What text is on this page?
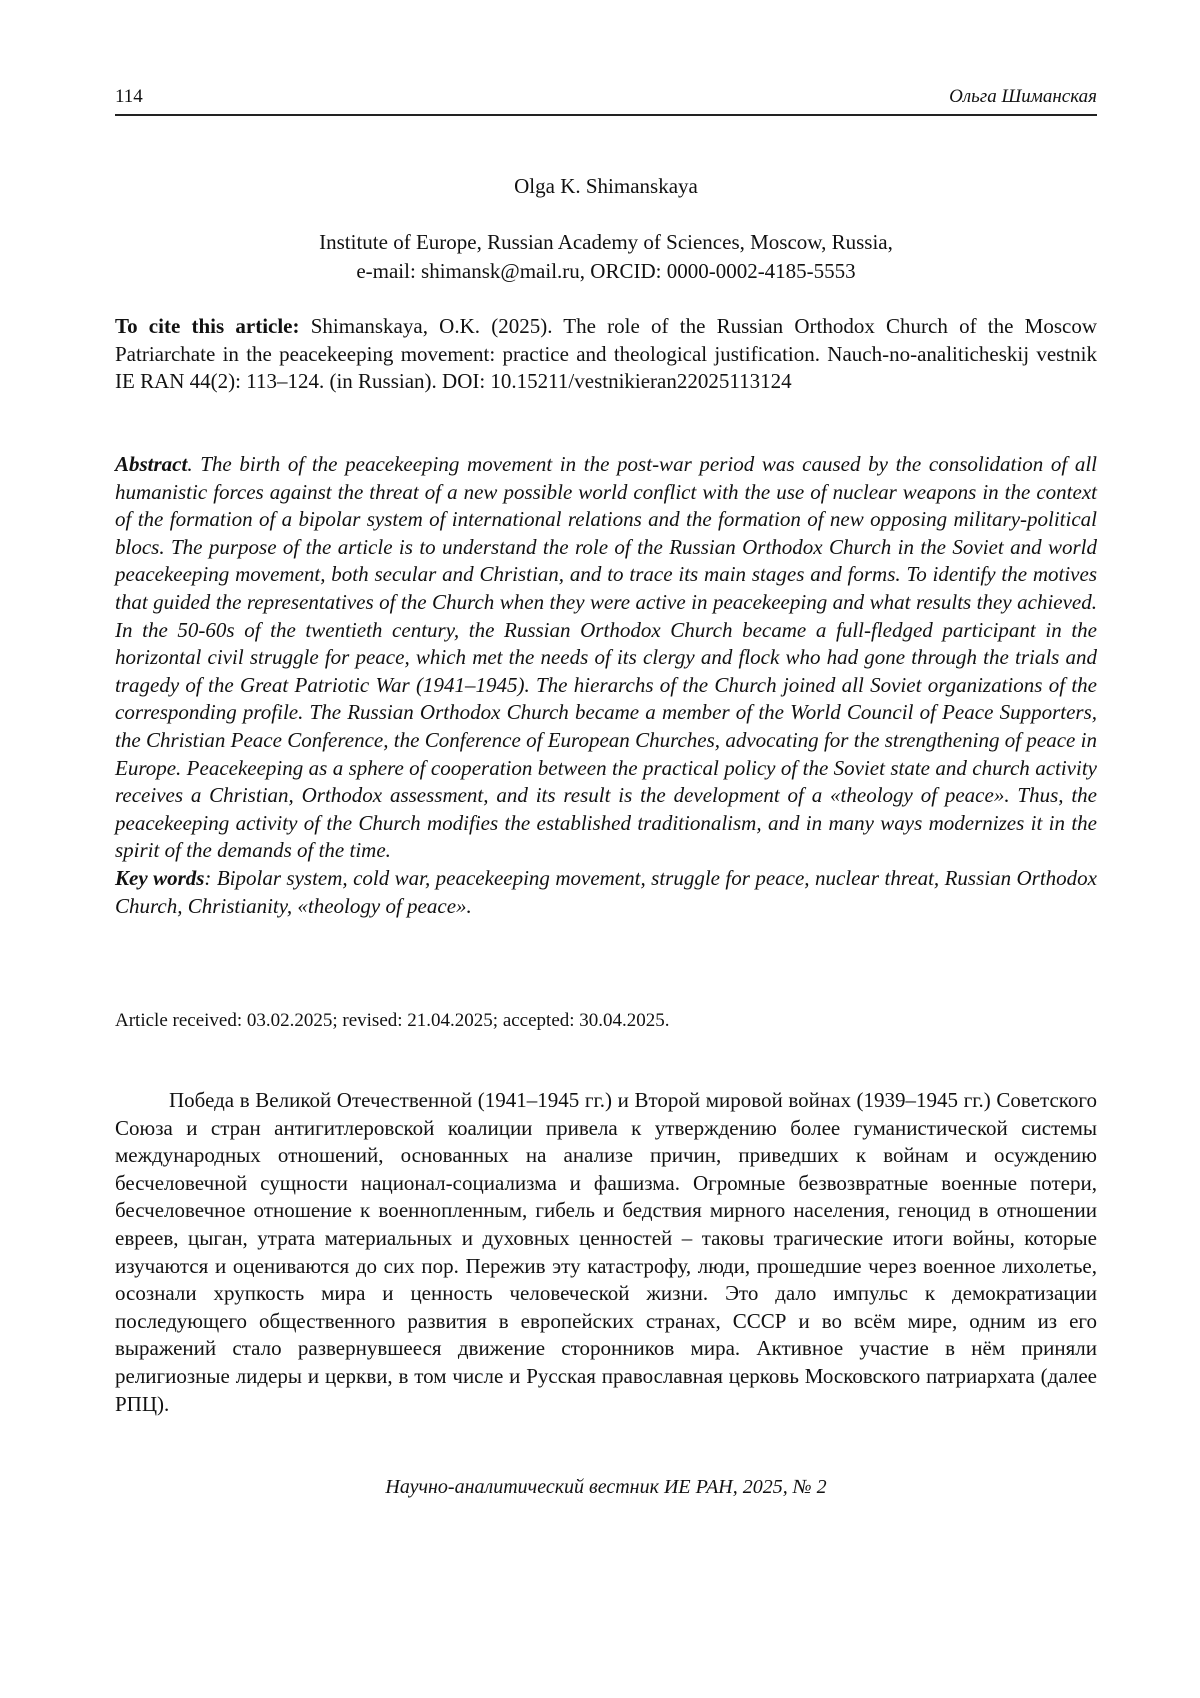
114	Ольга Шиманская
Olga K. Shimanskaya
Institute of Europe, Russian Academy of Sciences, Moscow, Russia,
e-mail: shimansk@mail.ru, ORCID: 0000-0002-4185-5553
To cite this article: Shimanskaya, O.K. (2025). The role of the Russian Orthodox Church of the Moscow Patriarchate in the peacekeeping movement: practice and theological justification. Nauch-no-analiticheskij vestnik IE RAN 44(2): 113–124. (in Russian). DOI: 10.15211/vestnikieran22025113124
Abstract. The birth of the peacekeeping movement in the post-war period was caused by the consolidation of all humanistic forces against the threat of a new possible world conflict with the use of nuclear weapons in the context of the formation of a bipolar system of international relations and the formation of new opposing military-political blocs. The purpose of the article is to understand the role of the Russian Orthodox Church in the Soviet and world peacekeeping movement, both secular and Christian, and to trace its main stages and forms. To identify the motives that guided the representatives of the Church when they were active in peacekeeping and what results they achieved. In the 50-60s of the twentieth century, the Russian Orthodox Church became a full-fledged participant in the horizontal civil struggle for peace, which met the needs of its clergy and flock who had gone through the trials and tragedy of the Great Patriotic War (1941–1945). The hierarchs of the Church joined all Soviet organizations of the corresponding profile. The Russian Orthodox Church became a member of the World Council of Peace Supporters, the Christian Peace Conference, the Conference of European Churches, advocating for the strengthening of peace in Europe. Peacekeeping as a sphere of cooperation between the practical policy of the Soviet state and church activity receives a Christian, Orthodox assessment, and its result is the development of a «theology of peace». Thus, the peacekeeping activity of the Church modifies the established traditionalism, and in many ways modernizes it in the spirit of the demands of the time.
Key words: Bipolar system, cold war, peacekeeping movement, struggle for peace, nuclear threat, Russian Orthodox Church, Christianity, «theology of peace».
Article received: 03.02.2025; revised: 21.04.2025; accepted: 30.04.2025.
Победа в Великой Отечественной (1941–1945 гг.) и Второй мировой войнах (1939–1945 гг.) Советского Союза и стран антигитлеровской коалиции привела к утверждению более гуманистической системы международных отношений, основанных на анализе причин, приведших к войнам и осуждению бесчеловечной сущности национал-социализма и фашизма. Огромные безвозвратные военные потери, бесчеловечное отношение к военнопленным, гибель и бедствия мирного населения, геноцид в отношении евреев, цыган, утрата материальных и духовных ценностей – таковы трагические итоги войны, которые изучаются и оцениваются до сих пор. Пережив эту катастрофу, люди, прошедшие через военное лихолетье, осознали хрупкость мира и ценность человеческой жизни. Это дало импульс к демократизации последующего общественного развития в европейских странах, СССР и во всём мире, одним из его выражений стало развернувшееся движение сторонников мира. Активное участие в нём приняли религиозные лидеры и церкви, в том числе и Русская православная церковь Московского патриархата (далее РПЦ).
Научно-аналитический вестник ИЕ РАН, 2025, № 2
